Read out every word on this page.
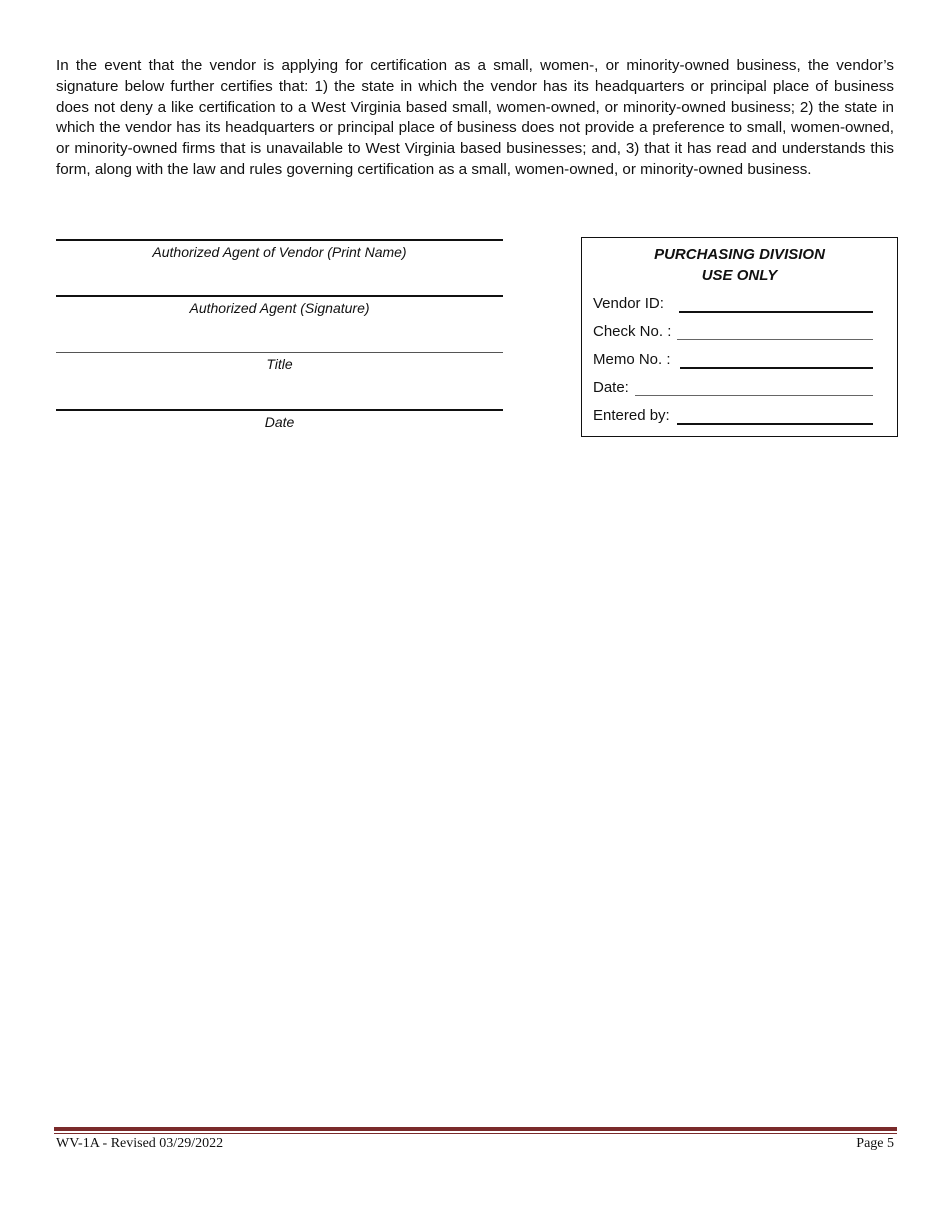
In the event that the vendor is applying for certification as a small, women-, or minority-owned business, the vendor’s signature below further certifies that: 1) the state in which the vendor has its headquarters or principal place of business does not deny a like certification to a West Virginia based small, women-owned, or minority-owned business; 2) the state in which the vendor has its headquarters or principal place of business does not provide a preference to small, women-owned, or minority-owned firms that is unavailable to West Virginia based businesses; and, 3) that it has read and understands this form, along with the law and rules governing certification as a small, women-owned, or minority-owned business.

Authorized Agent of Vendor (Print Name)
Authorized Agent (Signature)
Title
Date
PURCHASING DIVISION
USE ONLY
Vendor ID:
Check No. :
Memo No. :
Date:
Entered by:
WV-1A - Revised 03/29/2022	Page 5
